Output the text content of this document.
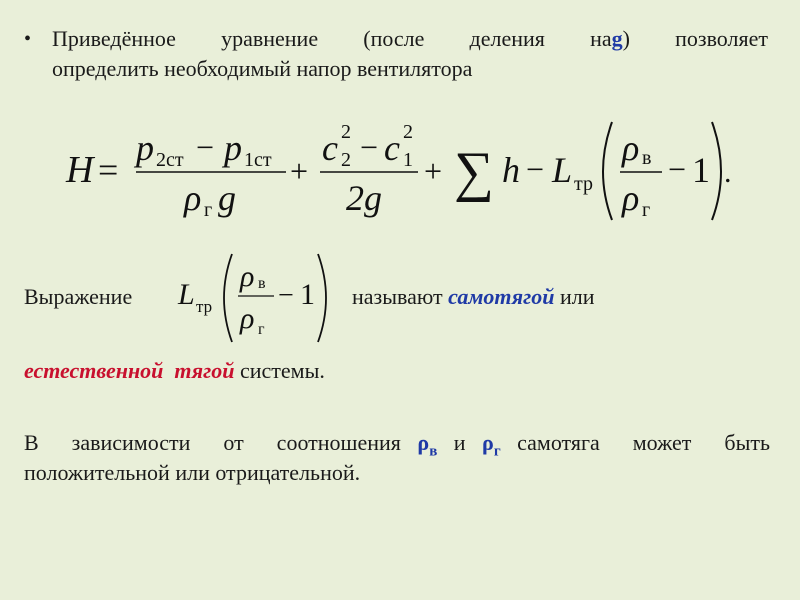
• Приведённое уравнение (после деления наg) позволяет
определить необходимый напор вентилятора
H =
p 2ст − p 1ст
ρ г g
+
c 2
2 − c 2
1
2g
+ ∑ h − L тр
ρ в
ρ г
− 1 .
Выражение L тр
ρ в
ρ г
− 1 называют самотягой или
естественной  тягой системы.
В  зависимости  от  соотношения $\rho_в$ и $\rho_г$ самотяга  может  быть
положительной или отрицательной.
